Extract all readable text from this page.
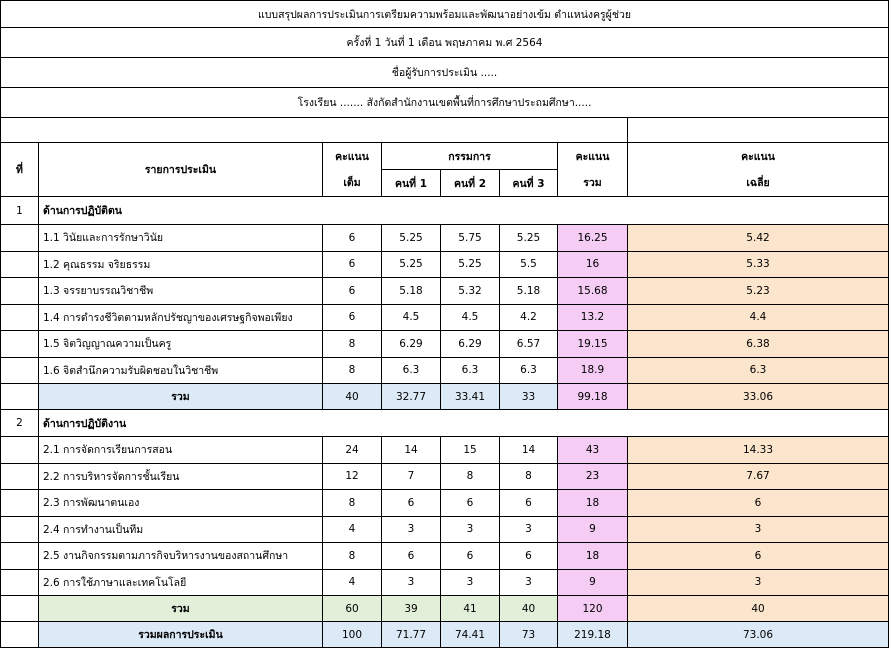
แบบสรุปผลการประเมินการเตรียมความพร้อมและพัฒนาอย่างเข้ม ตำแหน่งครูผู้ช่วย							
ครั้งที่ 1 วันที่ 1 เดือน พฤษภาคม พ.ศ 2564							
ชื่อผู้รับการประเมิน .....							
โรงเรียน ....... สังกัดสำนักงานเขตพื้นที่การศึกษาประถมศึกษา.....							

ที่	รายการประเมิน	คะแนน	กรรมการ			คะแนน	คะแนน
		เต็ม	คนที่ 1	คนที่ 2	คนที่ 3	รวม	เฉลี่ย
1	ด้านการปฏิบัติตน						
	1.1 วินัยและการรักษาวินัย	6	5.25	5.75	5.25	16.25	5.42
	1.2 คุณธรรม จริยธรรม	6	5.25	5.25	5.5	16	5.33
	1.3 จรรยาบรรณวิชาชีพ	6	5.18	5.32	5.18	15.68	5.23
	1.4 การดำรงชีวิตตามหลักปรัชญาของเศรษฐกิจพอเพียง	6	4.5	4.5	4.2	13.2	4.4
	1.5 จิตวิญญาณความเป็นครู	8	6.29	6.29	6.57	19.15	6.38
	1.6 จิตสำนึกความรับผิดชอบในวิชาชีพ	8	6.3	6.3	6.3	18.9	6.3
	รวม	40	32.77	33.41	33	99.18	33.06
2	ด้านการปฏิบัติงาน						
	2.1 การจัดการเรียนการสอน	24	14	15	14	43	14.33
	2.2 การบริหารจัดการชั้นเรียน	12	7	8	8	23	7.67
	2.3 การพัฒนาตนเอง	8	6	6	6	18	6
	2.4 การทำงานเป็นทีม	4	3	3	3	9	3
	2.5 งานกิจกรรมตามภารกิจบริหารงานของสถานศึกษา	8	6	6	6	18	6
	2.6 การใช้ภาษาและเทคโนโลยี	4	3	3	3	9	3
	รวม	60	39	41	40	120	40
	รวมผลการประเมิน	100	71.77	74.41	73	219.18	73.06
